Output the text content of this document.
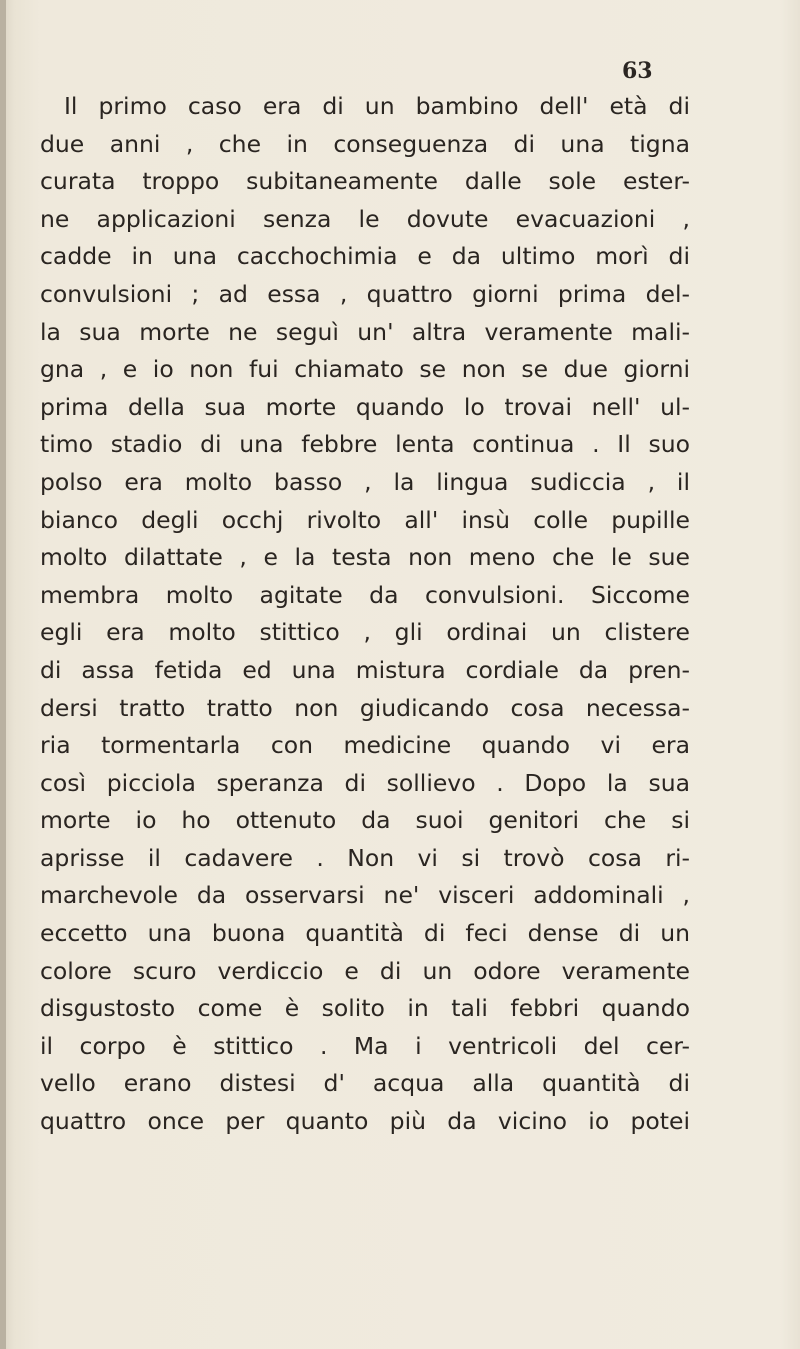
63
Il primo caso era di un bambino dell' età di
due anni , che in conseguenza di una tigna
curata troppo subitaneamente dalle sole ester-
ne applicazioni senza le dovute evacuazioni ,
cadde in una cacchochimia e da ultimo morì di
convulsioni ; ad essa , quattro giorni prima del-
la sua morte ne seguì un' altra veramente mali-
gna , e io non fui chiamato se non se due giorni
prima della sua morte quando lo trovai nell' ul-
timo stadio di una febbre lenta continua . Il suo
polso era molto basso , la lingua sudiccia , il
bianco degli occhj rivolto all' insù colle pupille
molto dilattate , e la testa non meno che le sue
membra molto agitate da convulsioni. Siccome
egli era molto stittico , gli ordinai un clistere
di assa fetida ed una mistura cordiale da pren-
dersi tratto tratto non giudicando cosa necessa-
ria tormentarla con medicine quando vi era
così picciola speranza di sollievo . Dopo la sua
morte io ho ottenuto da suoi genitori che si
aprisse il cadavere . Non vi si trovò cosa ri-
marchevole da osservarsi ne' visceri addominali ,
eccetto una buona quantità di feci dense di un
colore scuro verdiccio e di un odore veramente
disgustosto come è solito in tali febbri quando
il corpo è stittico . Ma i ventricoli del cer-
vello erano distesi d' acqua alla quantità di
quattro once per quanto più da vicino io potei
